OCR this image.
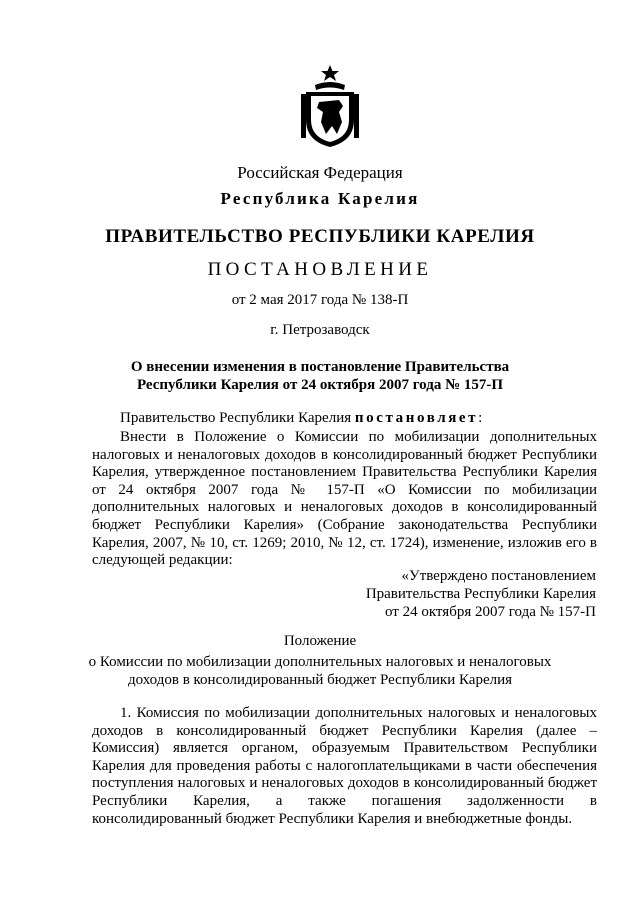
Российская Федерация
Республика Карелия
ПРАВИТЕЛЬСТВО РЕСПУБЛИКИ КАРЕЛИЯ
ПОСТАНОВЛЕНИЕ
от 2 мая 2017 года № 138-П
г. Петрозаводск
О внесении изменения в постановление Правительства
Республики Карелия от 24 октября 2007 года № 157-П
Правительство Республики Карелия постановляет:
Внести в Положение о Комиссии по мобилизации дополнительных налоговых и неналоговых доходов в консолидированный бюджет Республики Карелия, утвержденное постановлением Правительства Республики Карелия от 24 октября 2007 года № 157-П «О Комиссии по мобилизации дополнительных налоговых и неналоговых доходов в консолидированный бюджет Республики Карелия» (Собрание законодательства Республики Карелия, 2007, № 10, ст. 1269; 2010, № 12, ст. 1724), изменение, изложив его в следующей редакции:
«Утверждено постановлением
Правительства Республики Карелия
от 24 октября 2007 года № 157-П
Положение
о Комиссии по мобилизации дополнительных налоговых и неналоговых
доходов в консолидированный бюджет Республики Карелия
1. Комиссия по мобилизации дополнительных налоговых и неналоговых доходов в консолидированный бюджет Республики Карелия (далее – Комиссия) является органом, образуемым Правительством Республики Карелия для проведения работы с налогоплательщиками в части обеспечения поступления налоговых и неналоговых доходов в консолидированный бюджет Республики Карелия, а также погашения задолженности в консолидированный бюджет Республики Карелия и внебюджетные фонды.
